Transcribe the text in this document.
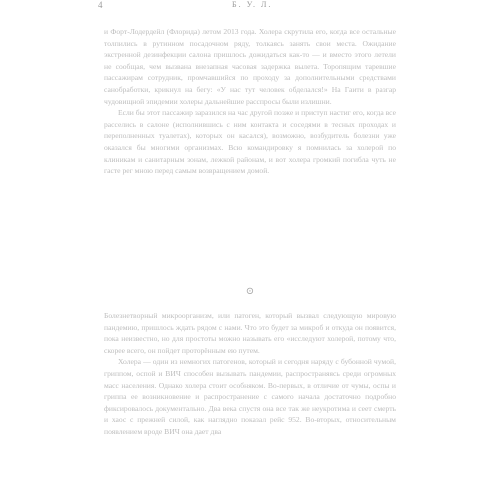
4	Б. У. Л.

и Форт-Лодердейл (Флорида) летом 2013 года. Холера скрутила его, когда все остальные толпились в рутинном посадочном ряду, толкаясь занять свои места. Ожидание экстренной дезинфекции салона пришлось дожидаться как-то — и вместо этого летели не сообщая, чем вызвана внезапная часовая задержка вылета. Торопящим таревшие пассажирам сотрудник, промчавшийся по проходу за дополнительными средствами санобработки, крикнул на бегу: «У нас тут человек обделался!» На Гаити в разгар чудовищной эпидемии холеры дальнейшие расспросы были излишни.

Если бы этот пассажир заразился на час другой позже и приступ настиг его, когда все расселись в салоне (исполнившись с ним контакта и соседями в тесных проходах и переполненных туалетах), которых он касался), возможно, возбудитель болезни уже оказался бы многими организмах. Всю командировку я помнилась за холерой по клиникам и санитарным зонам, лежкой районам, и вот холера громкий погибла чуть не гасте рег мною перед самым возвращением домой.

⊙

Болезнетворный микроорганизм, или патоген, который вызвал следующую мировую пандемию, пришлось ждать рядом с нами. Что это будет за микроб и откуда он появится, пока неизвестно, но для простоты можно называть его «исследуют холерой, потому что, скорее всего, он пойдет проторённым ею путем.

Холера — один из немногих патогенов, который и сегодня наряду с бубонной чумой, гриппом, оспой и ВИЧ способен вызывать пандемии, распространяясь среди огромных масс населения. Однако холера стоит особняком. Во-первых, в отличие от чумы, оспы и гриппа ее возникновение и распространение с самого начала достаточно подробно фиксировалось документально. Два века спустя она все так же неукротима и сеет смерть и хаос с прежней силой, как наглядно показал рейс 952. Во-вторых, относительным появлением вроде ВИЧ она дает два
